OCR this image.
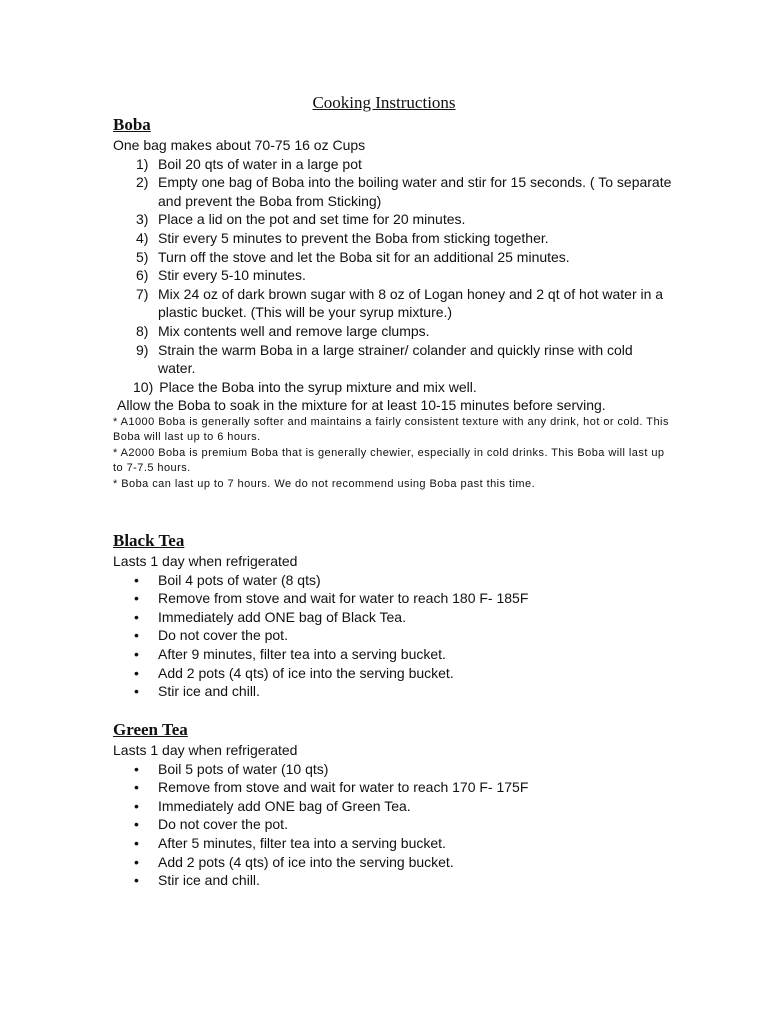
Cooking Instructions
Boba
One bag makes about 70-75 16 oz Cups
1) Boil 20 qts of water in a large pot
2) Empty one bag of Boba into the boiling water and stir for 15 seconds. ( To separate and prevent the Boba from Sticking)
3) Place a lid on the pot and set time for 20 minutes.
4) Stir every 5 minutes to prevent the Boba from sticking together.
5) Turn off the stove and let the Boba sit for an additional 25 minutes.
6) Stir every 5-10 minutes.
7) Mix 24 oz of dark brown sugar with 8 oz of Logan honey and 2 qt of hot water in a plastic bucket. (This will be your syrup mixture.)
8) Mix contents well and remove large clumps.
9) Strain the warm Boba in a large strainer/ colander and quickly rinse with cold water.
10) Place the Boba into the syrup mixture and mix well.
Allow the Boba to soak in the mixture for at least 10-15 minutes before serving.
* A1000 Boba is generally softer and maintains a fairly consistent texture with any drink, hot or cold. This Boba will last up to 6 hours.
* A2000 Boba is premium Boba that is generally chewier, especially in cold drinks. This Boba will last up to 7-7.5 hours.
* Boba can last up to 7 hours. We do not recommend using Boba past this time.
Black Tea
Lasts 1 day when refrigerated
• Boil 4 pots of water (8 qts)
• Remove from stove and wait for water to reach 180 F- 185F
• Immediately add ONE bag of Black Tea.
• Do not cover the pot.
• After 9 minutes, filter tea into a serving bucket.
• Add 2 pots (4 qts) of ice into the serving bucket.
• Stir ice and chill.
Green Tea
Lasts 1 day when refrigerated
• Boil 5 pots of water (10 qts)
• Remove from stove and wait for water to reach 170 F- 175F
• Immediately add ONE bag of Green Tea.
• Do not cover the pot.
• After 5 minutes, filter tea into a serving bucket.
• Add 2 pots (4 qts) of ice into the serving bucket.
• Stir ice and chill.
